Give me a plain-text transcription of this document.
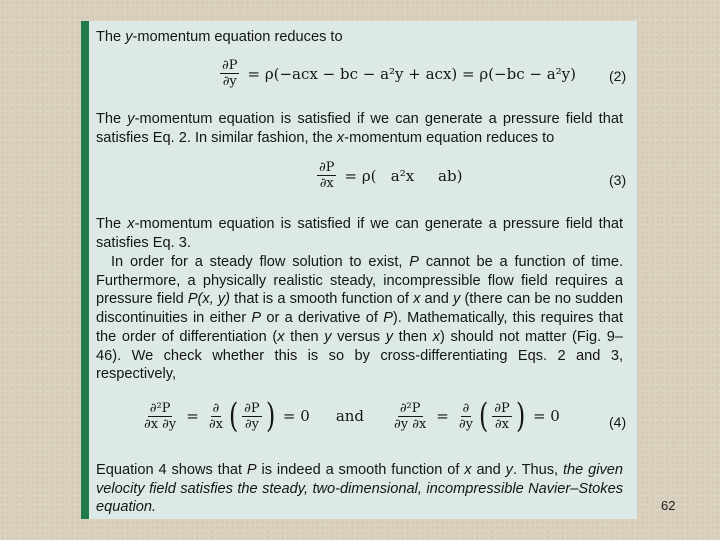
The y-momentum equation reduces to

$\frac{\partial P}{\partial y} = \rho(-acx$ − bc − a²y + acx) = ρ(−bc − a²y) (2)

The y-momentum equation is satisfied if we can generate a pressure field that satisfies Eq. 2. In similar fashion, the x-momentum equation reduces to

$\frac{\partial P}{\partial x} = \rho$(   a²x     ab)	(3)

The x-momentum equation is satisfied if we can generate a pressure field that satisfies Eq. 3.

In order for a steady flow solution to exist, P cannot be a function of time. Furthermore, a physically realistic steady, incompressible flow field requires a pressure field P(x, y) that is a smooth function of x and y (there can be no sudden discontinuities in either P or a derivative of P). Mathematically, this requires that the order of differentiation (x then y versus y then x) should not matter (Fig. 9–46). We check whether this is so by cross-differentiating Eqs. 2 and 3, respectively,

$\frac{\text{∂²P}}{\partial x \partial y} = \frac{\partial}{\partial x}$ ( $\frac{\partial P}{\partial y}$ ) = 0 and $\frac{\text{∂²P}}{\partial y \partial x} = \frac{\partial}{\partial y}$ ( $\frac{\partial P}{\partial x}$ ) = 0	(4)

Equation 4 shows that P is indeed a smooth function of x and y. Thus, the given velocity field satisfies the steady, two-dimensional, incompressible Navier–Stokes equation.	62
